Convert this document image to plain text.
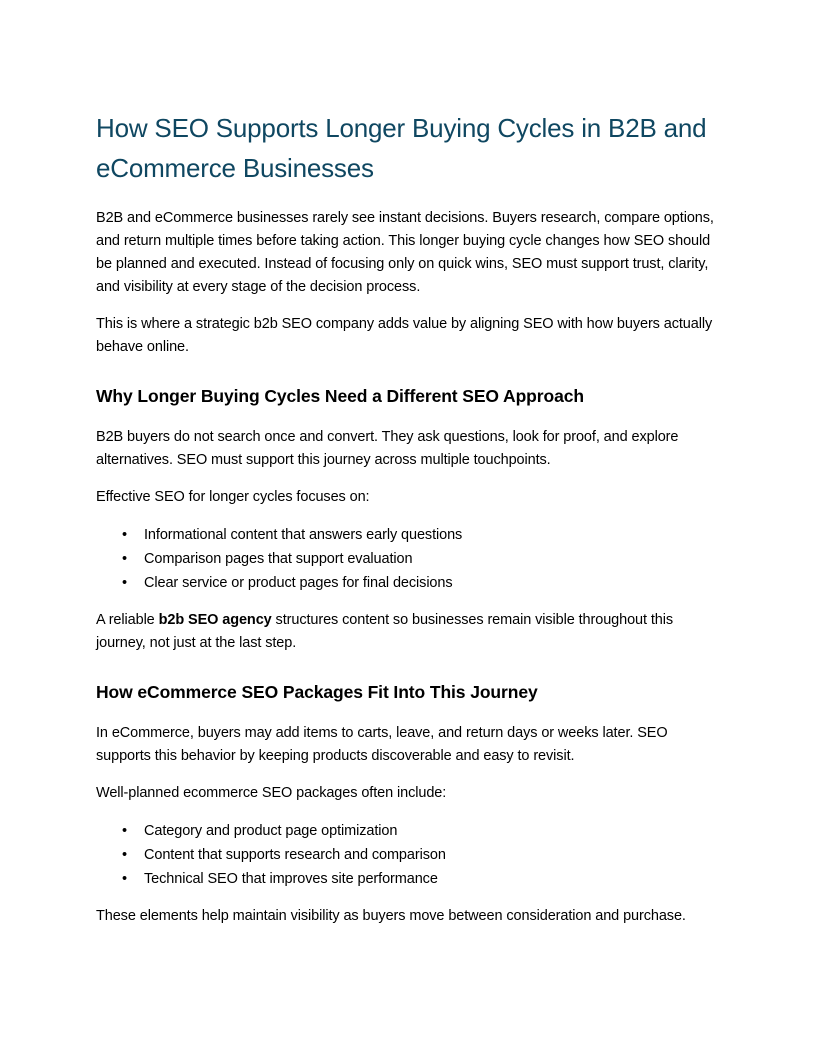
How SEO Supports Longer Buying Cycles in B2B and eCommerce Businesses

B2B and eCommerce businesses rarely see instant decisions. Buyers research, compare options, and return multiple times before taking action. This longer buying cycle changes how SEO should be planned and executed. Instead of focusing only on quick wins, SEO must support trust, clarity, and visibility at every stage of the decision process.

This is where a strategic b2b SEO company adds value by aligning SEO with how buyers actually behave online.

Why Longer Buying Cycles Need a Different SEO Approach

B2B buyers do not search once and convert. They ask questions, look for proof, and explore alternatives. SEO must support this journey across multiple touchpoints.

Effective SEO for longer cycles focuses on:

• Informational content that answers early questions
• Comparison pages that support evaluation
• Clear service or product pages for final decisions

A reliable b2b SEO agency structures content so businesses remain visible throughout this journey, not just at the last step.

How eCommerce SEO Packages Fit Into This Journey

In eCommerce, buyers may add items to carts, leave, and return days or weeks later. SEO supports this behavior by keeping products discoverable and easy to revisit.

Well-planned ecommerce SEO packages often include:

• Category and product page optimization
• Content that supports research and comparison
• Technical SEO that improves site performance

These elements help maintain visibility as buyers move between consideration and purchase.
